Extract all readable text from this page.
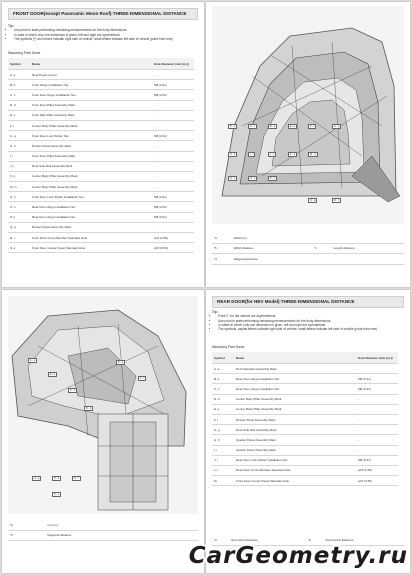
FRONT DOOR(except Panoramic Moon Roof) THREE-DIMENSIONAL DISTANCE
Tip:
• Use point in state performing remaining measurements for the body dimensions.
• In case in which only one dimension is given, left and right are symmetrical.
• The symbols (*) and others indicate right side of vehicle, small letters indicate left side of vehicle (point from rear)
Measuring Point Name
Symbol	Name	Hole Diameter (mm (in.))
A, a	Roof Panel Corner	-
B, b	Front Hinge Installation Nut	M8 (0.31)
C, c	Front Door Hinge Installation Nut	M8 (0.31)
D, d	Front Door Pillar Assembly Mark	-
E, e	Front Side Pillar Assembly Mark	-
F, f	Center Body Pillar Assembly Mark	-
G, g	Front Door Lock Striker Nut	M8 (0.31)
H, h	Rocker Panel Assembly Mark	-
I, i	Front Door Pillar Assembly Mark	-
J, j	Roof Side Rail Assembly Mark	-
K, k	Center Body Pillar Assembly Mark	-
M, m	Center Body Pillar Assembly Mark	-
N, n	Front Door Lock Striker Installation Nut	M8 (0.31)
O, o	Rear Door Hinge Installation Nut	M8 (0.31)
P, p	Rear Door Hinge Installation Nut	M8 (0.31)
Q, q	Rocker Panel Assembly Mark	-
R, r	Front Floor Cross Member Standard Hole	φ15 (0.59)
S, s	Front Floor Center Panel Standard Hole	φ15 (0.59)
*a	Width (in.)		
*b	Width distance	*c	Length distance
*d	Diagonal distance		
B - b	C - c	D - d	E - e	F - f	G - g
H - h	I - i	J - j	K - k	M - m
N - n	O - o	P - p
Q - q	R - r
A - a
B - b
C - c
D - d
E - e
F - f
G - g	H - h	R - r
S - s
*a	mm (in.)
*b	Diagonal distance
REAR DOOR(for HEV Model) THREE-DIMENSIONAL DISTANCE
Tip:
• Point C, for the vehicle are asymmetrical.
• Use point in state performing remaining measurements for the body dimensions.
• In cases in which only one dimension is given, left and right are symmetrical.
• The symbols, capital letters indicate right side of vehicle, small letters indicate left side of vehicle (point from rear)
Measuring Point Name
Symbol	Name	Hole Diameter (mm (in.))
A, a	Roof Standard Assembly Mark	-
B, b	Rear Door Hinge Installation Nut	M8 (0.31)
C, c	Rear Door Hinge Installation Nut	M8 (0.31)
D, d	Center Body Pillar Assembly Mark	-
E, e	Center Body Pillar Assembly Mark	-
F, f	Rocker Panel Assembly Mark	-
G, g	Roof Side Rail Assembly Mark	-
H, h	Quarter Panel Assembly Mark	-
I, i	Quarter Panel Assembly Mark	-
J, j	Rear Door Lock Striker Installation Nut	M8 (0.31)
L, l	Rear Floor Cross Member Standard Hole	φ15 (0.59)
M	Front Floor Center Panel Standard Hole	φ15 (0.59)
*a	Symmetric Distance	*b	Asymmetric Distance
CarGeometry.ru
